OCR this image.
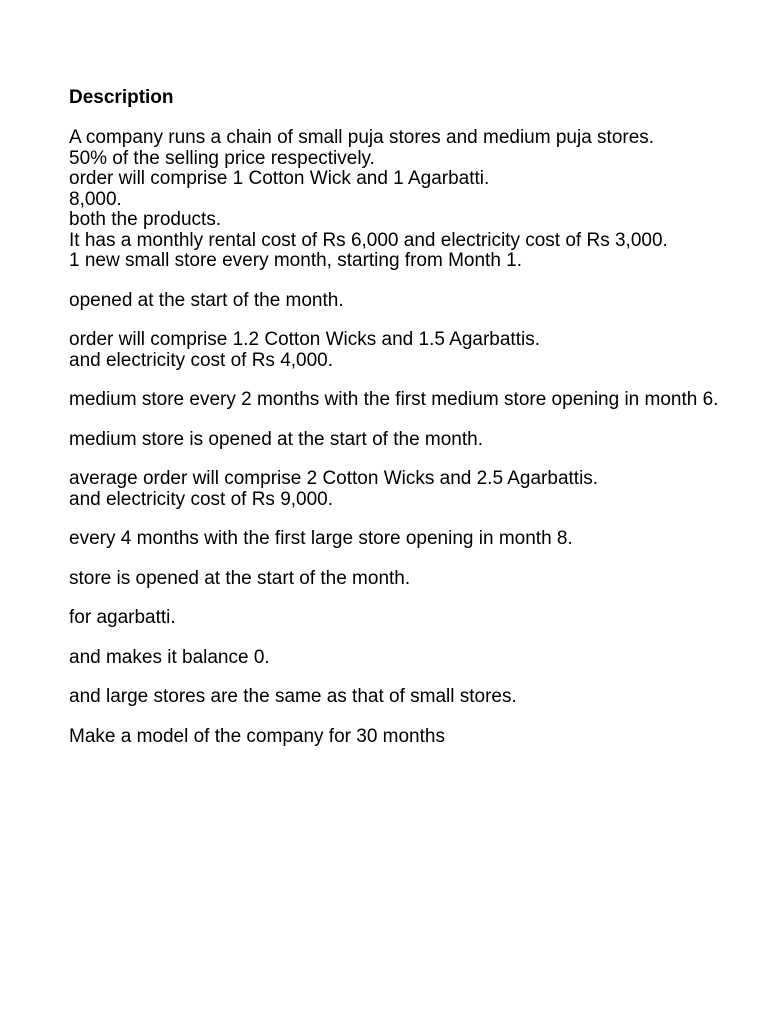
Description
A company runs a chain of small puja stores and medium puja stores.
50% of the selling price respectively.
order will comprise 1 Cotton Wick and 1 Agarbatti.
8,000.
both the products.
It has a monthly rental cost of Rs 6,000 and electricity cost of Rs 3,000.
1 new small store every month, starting from Month 1.
opened at the start of the month.
order will comprise 1.2 Cotton Wicks and 1.5 Agarbattis.
and electricity cost of Rs 4,000.
medium store every 2 months with the first medium store opening in month 6.
medium store is opened at the start of the month.
average order will comprise 2 Cotton Wicks and 2.5 Agarbattis.
and electricity cost of Rs 9,000.
every 4 months with the first large store opening in month 8.
store is opened at the start of the month.
for agarbatti.
and makes it balance 0.
and large stores are the same as that of small stores.
Make a model of the company for 30 months
